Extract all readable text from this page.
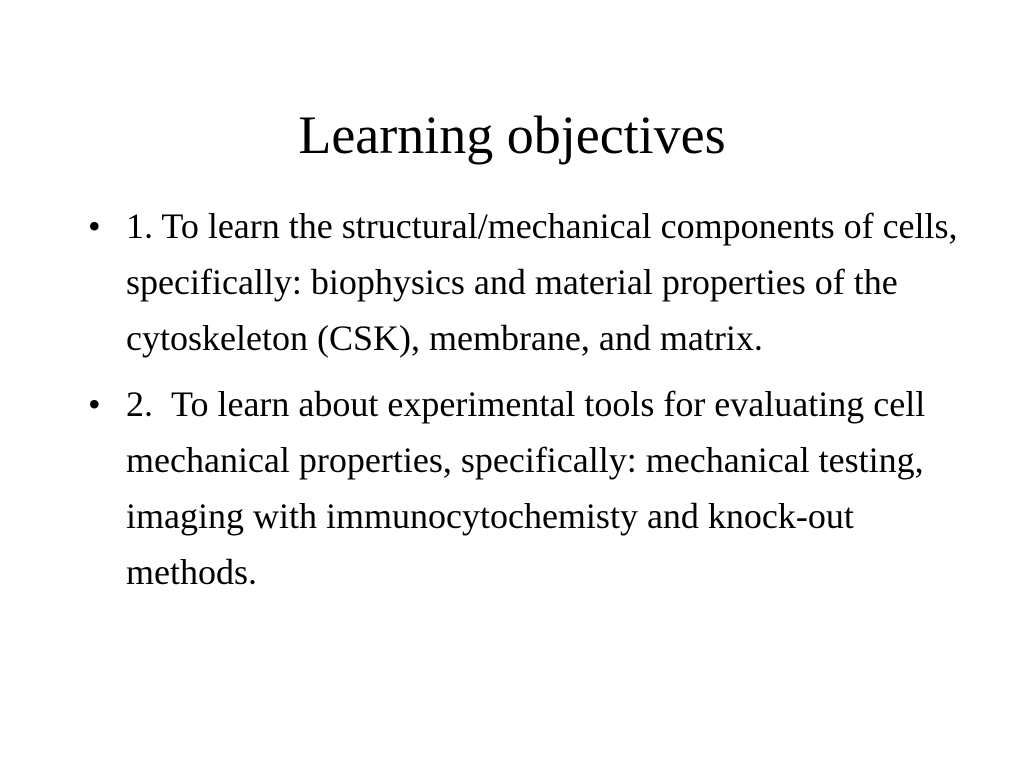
Learning objectives
• 1. To learn the structural/mechanical components of cells, specifically: biophysics and material properties of the cytoskeleton (CSK), membrane, and matrix.
• 2.  To learn about experimental tools for evaluating cell mechanical properties, specifically: mechanical testing, imaging with immunocytochemisty and knock-out methods.
